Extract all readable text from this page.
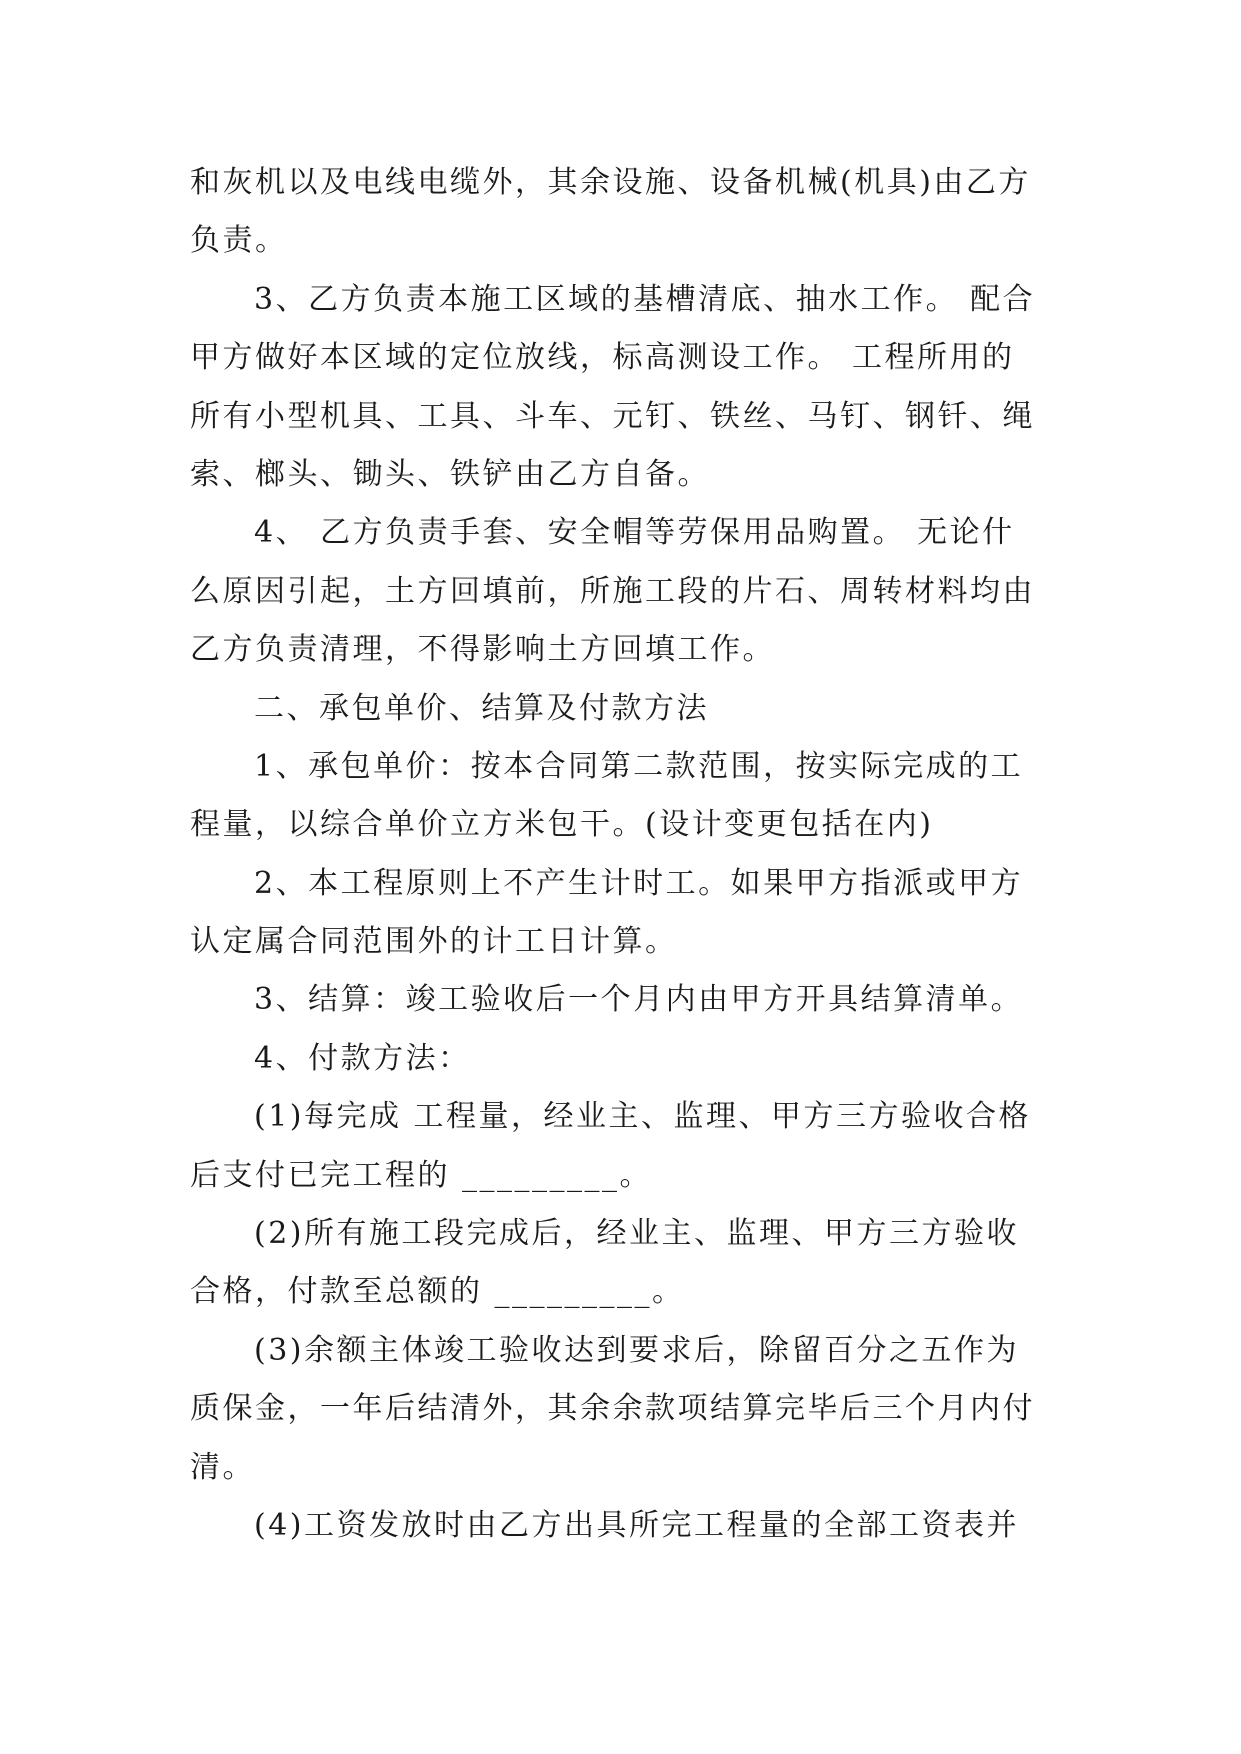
和灰机以及电线电缆外，其余设施、设备机械(机具)由乙方
负责。
3、乙方负责本施工区域的基槽清底、抽水工作。 配合
甲方做好本区域的定位放线，标高测设工作。 工程所用的
所有小型机具、工具、斗车、元钉、铁丝、马钉、钢钎、绳
索、榔头、锄头、铁铲由乙方自备。
4、 乙方负责手套、安全帽等劳保用品购置。 无论什
么原因引起，土方回填前，所施工段的片石、周转材料均由
乙方负责清理，不得影响土方回填工作。
二、承包单价、结算及付款方法
1、承包单价：按本合同第二款范围，按实际完成的工
程量，以综合单价立方米包干。(设计变更包括在内)
2、本工程原则上不产生计时工。如果甲方指派或甲方
认定属合同范围外的计工日计算。
3、结算：竣工验收后一个月内由甲方开具结算清单。
4、付款方法：
(1)每完成 工程量，经业主、监理、甲方三方验收合格
后支付已完工程的 _________。
(2)所有施工段完成后，经业主、监理、甲方三方验收
合格，付款至总额的 _________。
(3)余额主体竣工验收达到要求后，除留百分之五作为
质保金，一年后结清外，其余余款项结算完毕后三个月内付
清。
(4)工资发放时由乙方出具所完工程量的全部工资表并
